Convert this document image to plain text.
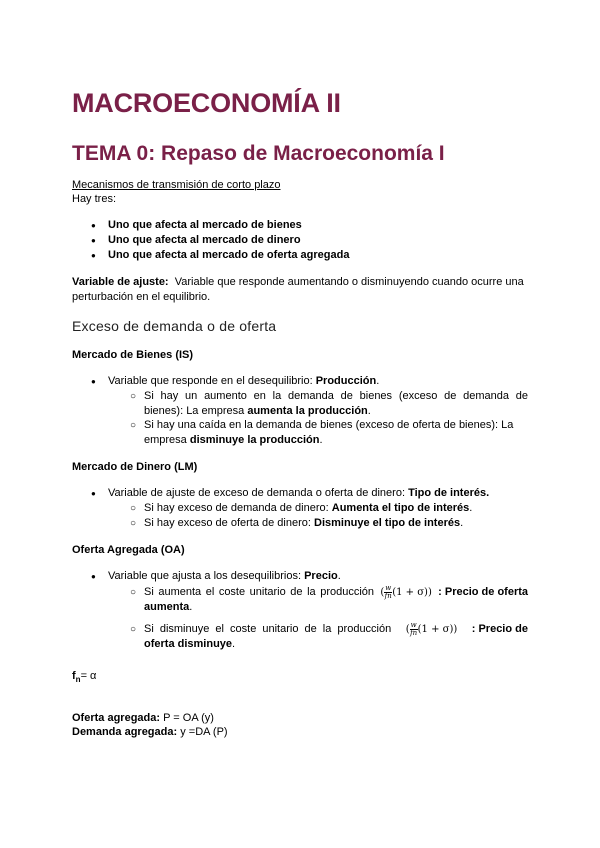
MACROECONOMÍA II
TEMA 0: Repaso de Macroeconomía I
Mecanismos de transmisión de corto plazo
Hay tres:
● Uno que afecta al mercado de bienes
● Uno que afecta al mercado de dinero
● Uno que afecta al mercado de oferta agregada
Variable de ajuste: Variable que responde aumentando o disminuyendo cuando ocurre una
perturbación en el equilibrio.
Exceso de demanda o de oferta
Mercado de Bienes (IS)
● Variable que responde en el desequilibrio: Producción.
○ Si hay un aumento en la demanda de bienes (exceso de demanda de
bienes): La empresa aumenta la producción.
○ Si hay una caída en la demanda de bienes (exceso de oferta de bienes): La
empresa disminuye la producción.
Mercado de Dinero (LM)
● Variable de ajuste de exceso de demanda o oferta de dinero: Tipo de interés.
○ Si hay exceso de demanda de dinero: Aumenta el tipo de interés.
○ Si hay exceso de oferta de dinero: Disminuye el tipo de interés.
Oferta Agregada (OA)
● Variable que ajusta a los desequilibrios: Precio.
○ Si aumenta el coste unitario de la producción ( $\frac{w}{fn} (1 + \sigma)$) : Precio de oferta
aumenta.
○ Si disminuye el coste unitario de la producción ( $\frac{w}{fn} (1 + \sigma)$) : Precio de
oferta disminuye.
$f_n= \alpha$
Oferta agregada: P = OA (y)
Demanda agregada: y =DA (P)
